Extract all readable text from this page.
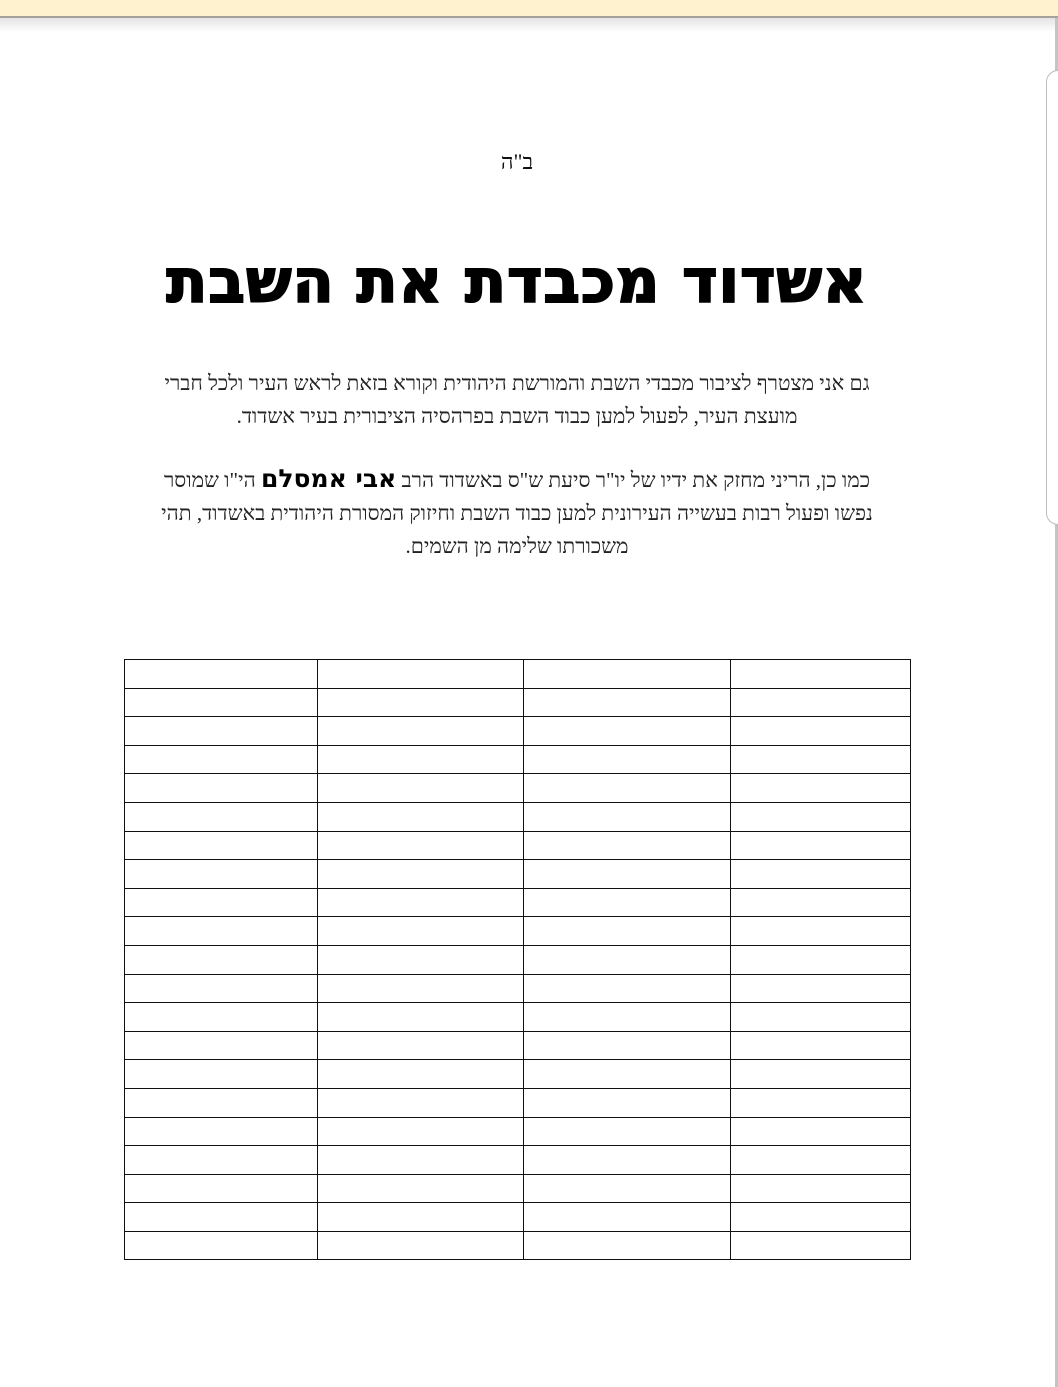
ב"ה
אשדוד מכבדת את השבת
גם אני מצטרף לציבור מכבדי השבת והמורשת היהודית וקורא בזאת לראש העיר ולכל חברי מועצת העיר, לפעול למען כבוד השבת בפרהסיה הציבורית בעיר אשדוד.
כמו כן, הריני מחזק את ידיו של יו"ר סיעת ש"ס באשדוד הרב אבי אמסלם הי"ו שמוסר נפשו ופעול רבות בעשייה העירונית למען כבוד השבת וחיזוק המסורת היהודית באשדוד, תהי משכורתו שלימה מן השמים.
